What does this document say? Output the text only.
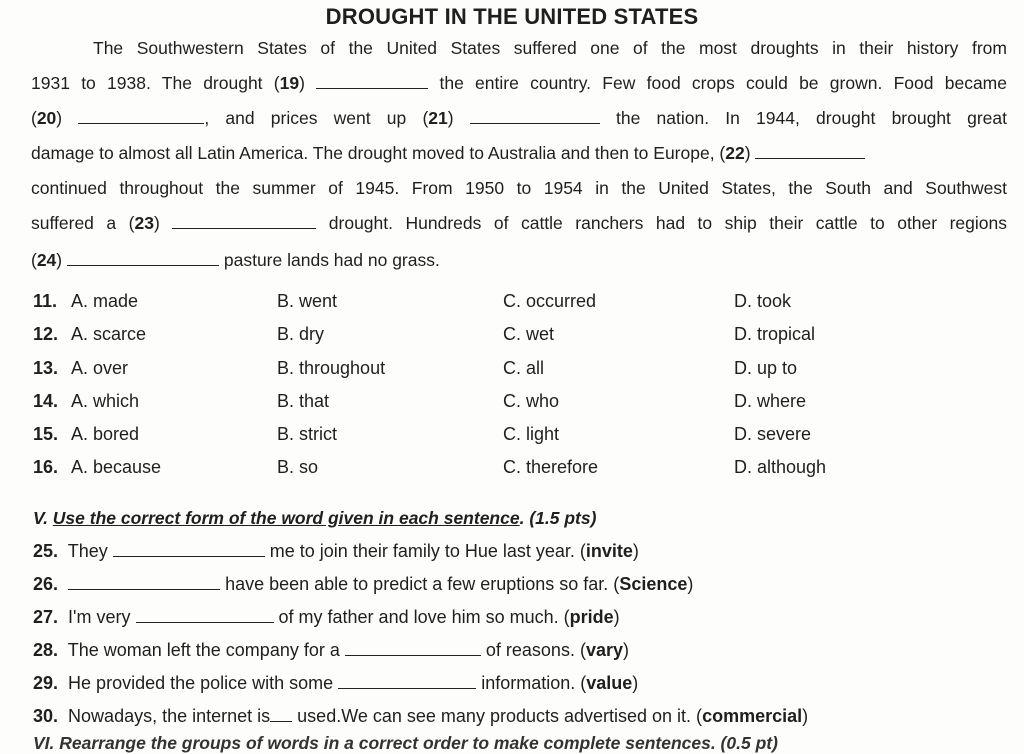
DROUGHT IN THE UNITED STATES
The Southwestern States of the United States suffered one of the most droughts in their history from
1931 to 1938. The drought (19)	the entire country. Few food crops could be grown. Food became
(20)	, and prices went up (21)	the nation. In 1944, drought brought great
damage to almost all Latin America. The drought moved to Australia and then to Europe, (22)
continued throughout the summer of 1945. From 1950 to 1954 in the United States, the South and Southwest
suffered a (23)	drought. Hundreds of cattle ranchers had to ship their cattle to other regions
(24)	pasture lands had no grass.
11. A. made	B. went	C. occurred	D. took
12. A. scarce	B. dry	C. wet	D. tropical
13. A. over	B. throughout	C. all	D. up to
14. A. which	B. that	C. who	D. where
15. A. bored	B. strict	C. light	D. severe
16. A. because	B. so	C. therefore	D. although
V. Use the correct form of the word given in each sentence. (1.5 pts)
25. They	me to join their family to Hue last year. (invite)
26.	have been able to predict a few eruptions so far. (Science)
27. I'm very	of my father and love him so much. (pride)
28. The woman left the company for a	of reasons. (vary)
29. He provided the police with some	information. (value)
30. Nowadays, the internet is used.We can see many products advertised on it. (commercial)
VI. Rearrange the groups of words in a correct order to make complete sentences. (0.5 pt)
